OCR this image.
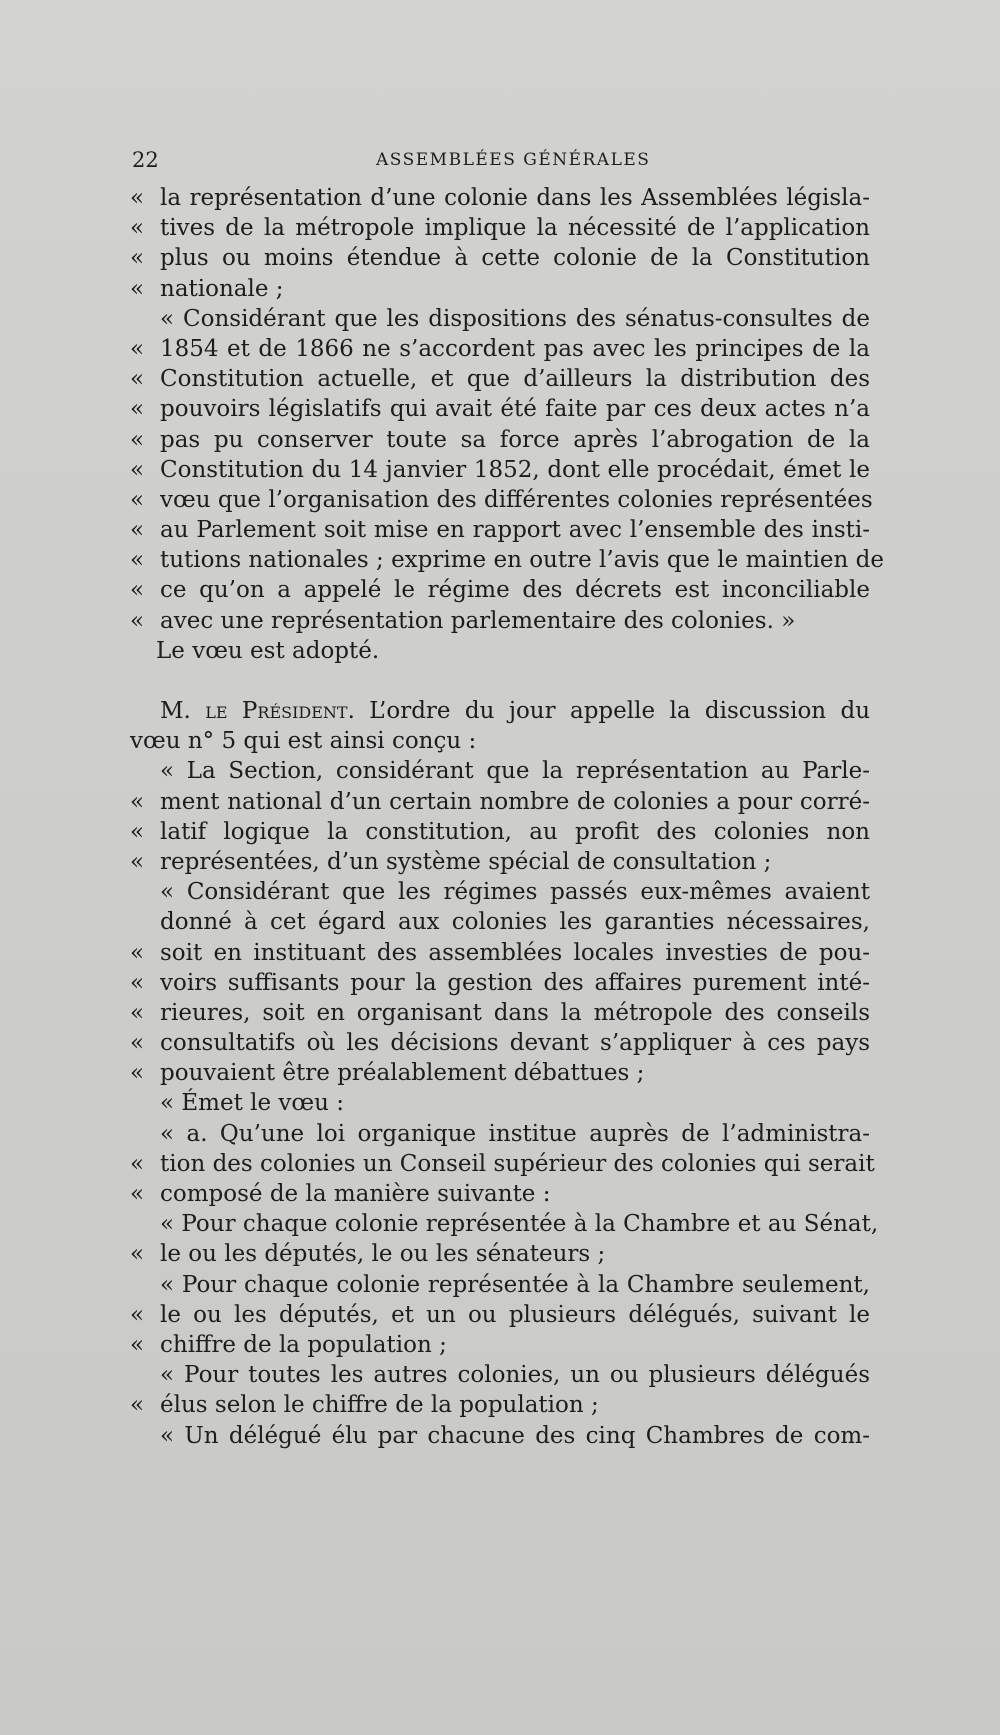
22	ASSEMBLÉES GÉNÉRALES
« la représentation d’une colonie dans les Assemblées législa-
« tives de la métropole implique la nécessité de l’application
« plus ou moins étendue à cette colonie de la Constitution
« nationale ;
« Considérant que les dispositions des sénatus-consultes de
« 1854 et de 1866 ne s’accordent pas avec les principes de la
« Constitution actuelle, et que d’ailleurs la distribution des
« pouvoirs législatifs qui avait été faite par ces deux actes n’a
« pas pu conserver toute sa force après l’abrogation de la
« Constitution du 14 janvier 1852, dont elle procédait, émet le
« vœu que l’organisation des différentes colonies représentées
« au Parlement soit mise en rapport avec l’ensemble des insti-
« tutions nationales ; exprime en outre l’avis que le maintien de
« ce qu’on a appelé le régime des décrets est inconciliable
« avec une représentation parlementaire des colonies. »
Le vœu est adopté.
M. le Président. L’ordre du jour appelle la discussion du
vœu n° 5 qui est ainsi conçu :
« La Section, considérant que la représentation au Parle-
« ment national d’un certain nombre de colonies a pour corré-
« latif logique la constitution, au profit des colonies non
« représentées, d’un système spécial de consultation ;
« Considérant que les régimes passés eux-mêmes avaient
donné à cet égard aux colonies les garanties nécessaires,
« soit en instituant des assemblées locales investies de pou-
« voirs suffisants pour la gestion des affaires purement inté-
« rieures, soit en organisant dans la métropole des conseils
« consultatifs où les décisions devant s’appliquer à ces pays
« pouvaient être préalablement débattues ;
« Émet le vœu :
« a. Qu’une loi organique institue auprès de l’administra-
« tion des colonies un Conseil supérieur des colonies qui serait
« composé de la manière suivante :
« Pour chaque colonie représentée à la Chambre et au Sénat,
« le ou les députés, le ou les sénateurs ;
« Pour chaque colonie représentée à la Chambre seulement,
« le ou les députés, et un ou plusieurs délégués, suivant le
« chiffre de la population ;
« Pour toutes les autres colonies, un ou plusieurs délégués
« élus selon le chiffre de la population ;
« Un délégué élu par chacune des cinq Chambres de com-
